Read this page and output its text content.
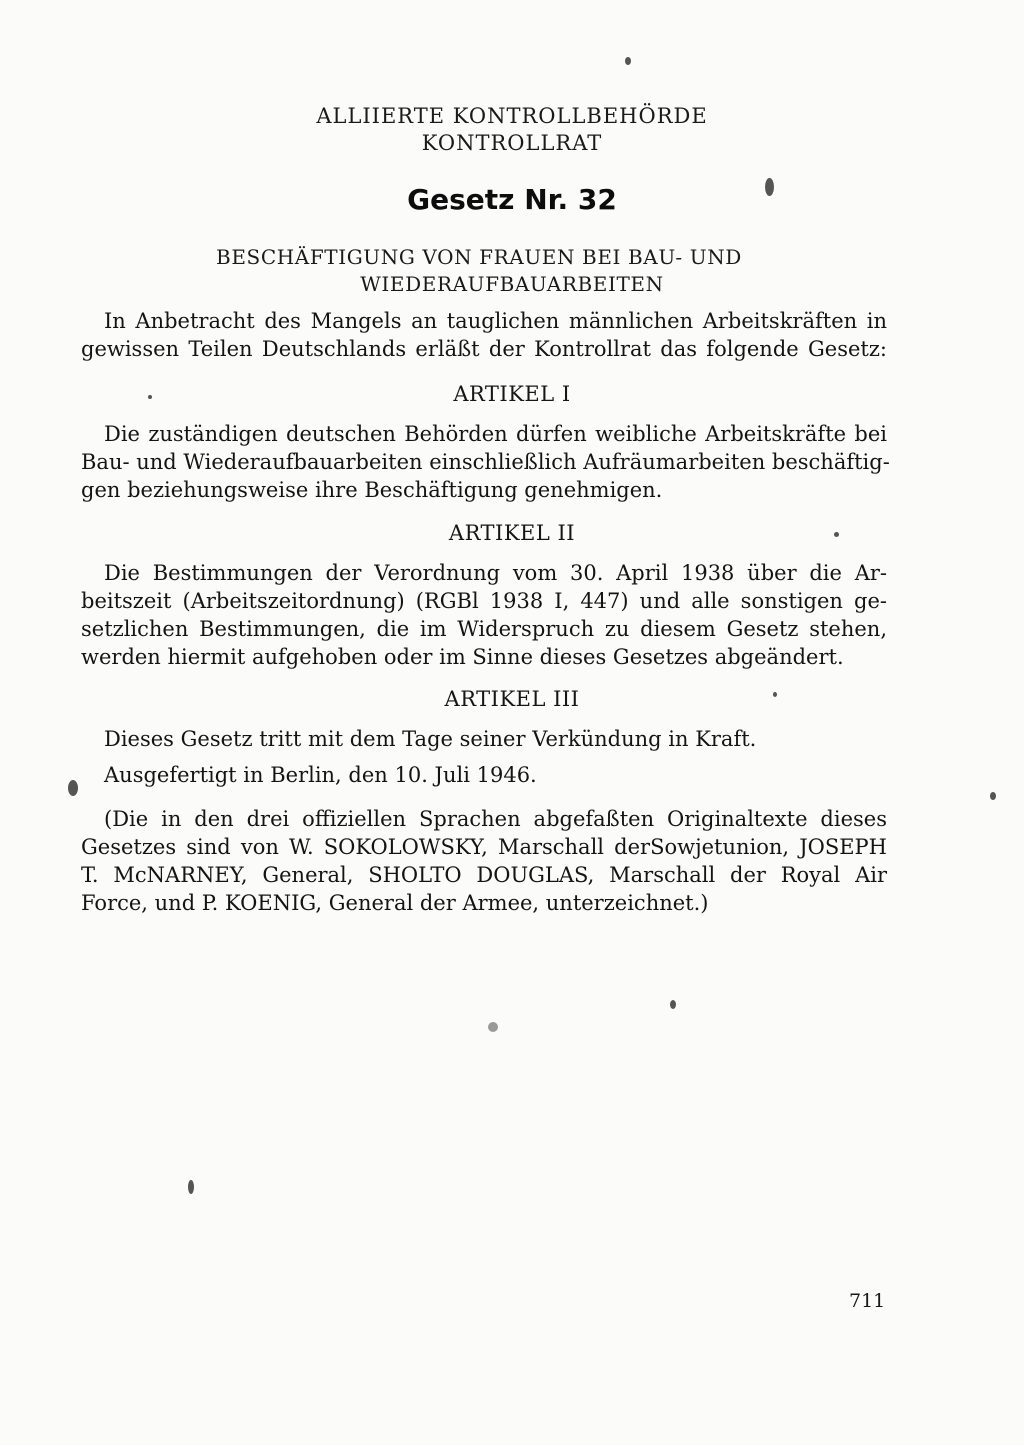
ALLIIERTE KONTROLLBEHÖRDE
KONTROLLRAT
Gesetz Nr. 32
BESCHÄFTIGUNG VON FRAUEN BEI BAU- UND
WIEDERAUFBAUARBEITEN
In Anbetracht des Mangels an tauglichen männlichen Arbeitskräften in
gewissen Teilen Deutschlands erläßt der Kontrollrat das folgende Gesetz:
ARTIKEL I
Die zuständigen deutschen Behörden dürfen weibliche Arbeitskräfte bei
Bau- und Wiederaufbauarbeiten einschließlich Aufräumarbeiten beschäftig-
gen beziehungsweise ihre Beschäftigung genehmigen.
ARTIKEL II
Die Bestimmungen der Verordnung vom 30. April 1938 über die Ar-
beitszeit (Arbeitszeitordnung) (RGBl 1938 I, 447) und alle sonstigen ge-
setzlichen Bestimmungen, die im Widerspruch zu diesem Gesetz stehen,
werden hiermit aufgehoben oder im Sinne dieses Gesetzes abgeändert.
ARTIKEL III
Dieses Gesetz tritt mit dem Tage seiner Verkündung in Kraft.
Ausgefertigt in Berlin, den 10. Juli 1946.
(Die in den drei offiziellen Sprachen abgefaßten Originaltexte dieses
Gesetzes sind von W. SOKOLOWSKY, Marschall derSowjetunion, JOSEPH
T. McNARNEY, General, SHOLTO DOUGLAS, Marschall der Royal Air
Force, und P. KOENIG, General der Armee, unterzeichnet.)
711
